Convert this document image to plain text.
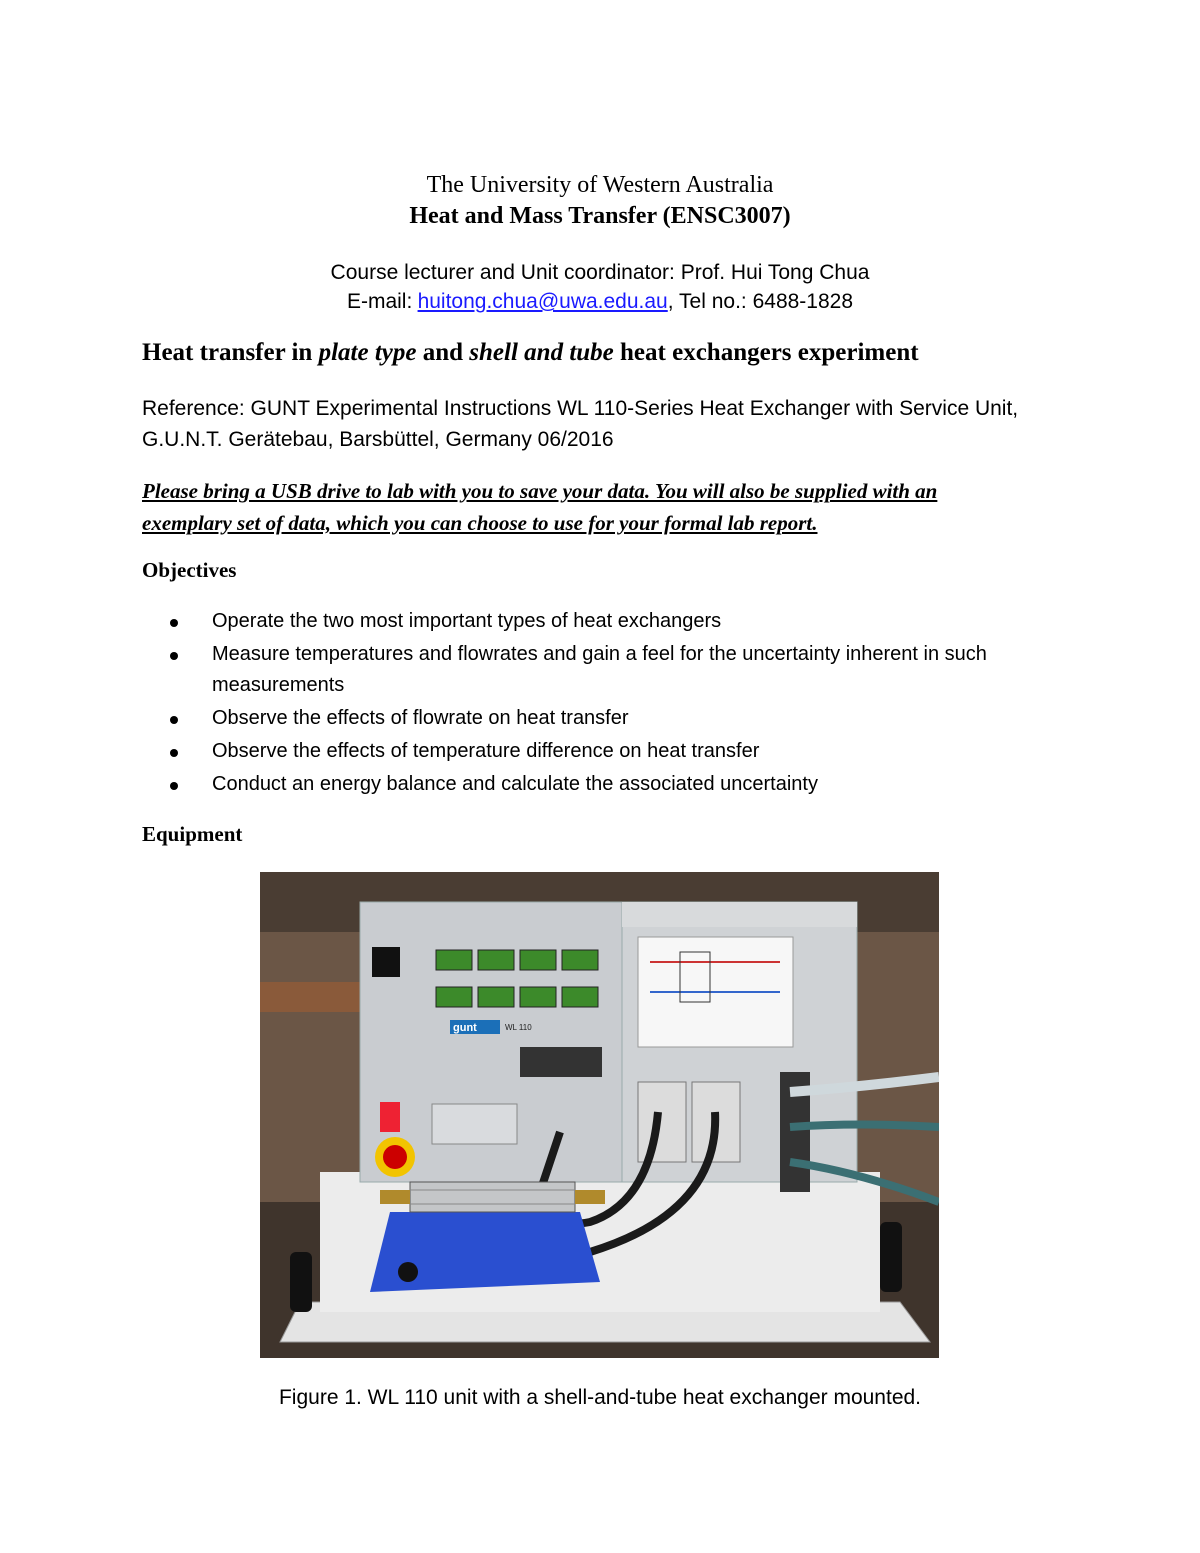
The University of Western Australia
Heat and Mass Transfer (ENSC3007)
Course lecturer and Unit coordinator: Prof. Hui Tong Chua
E-mail: huitong.chua@uwa.edu.au, Tel no.: 6488-1828
Heat transfer in plate type and shell and tube heat exchangers experiment
Reference: GUNT Experimental Instructions WL 110-Series Heat Exchanger with Service Unit,
G.U.N.T. Gerätebau, Barsbüttel, Germany 06/2016
Please bring a USB drive to lab with you to save your data. You will also be supplied with an
exemplary set of data, which you can choose to use for your formal lab report.
Objectives
Operate the two most important types of heat exchangers
Measure temperatures and flowrates and gain a feel for the uncertainty inherent in such
measurements
Observe the effects of flowrate on heat transfer
Observe the effects of temperature difference on heat transfer
Conduct an energy balance and calculate the associated uncertainty
Equipment
gunt	WL 110
Figure 1. WL 110 unit with a shell-and-tube heat exchanger mounted.
